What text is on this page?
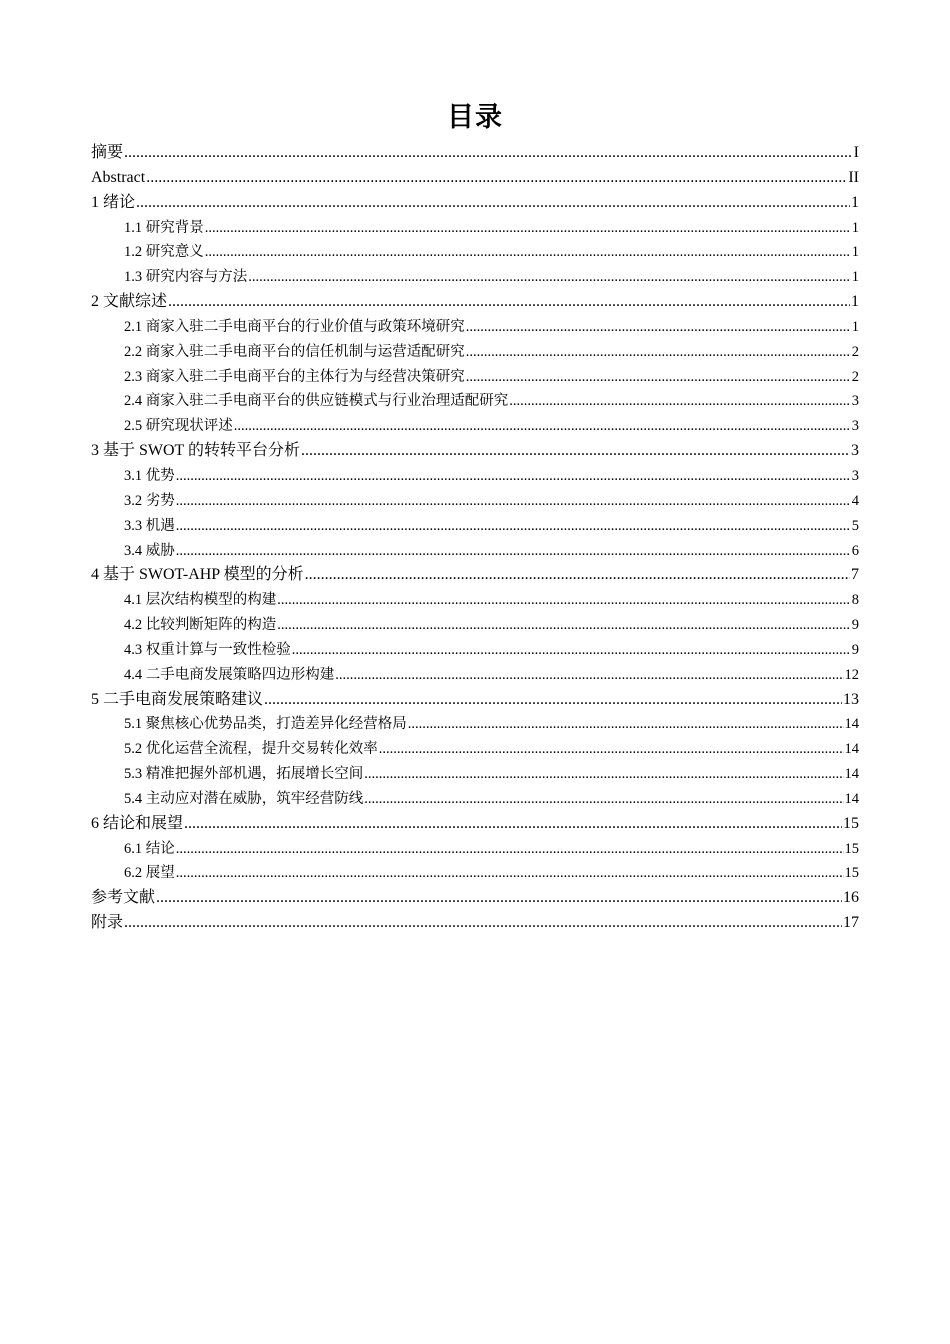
目录
摘要 .....	I
Abstract .....	II
1 绪论 .....	1
1.1 研究背景 .....	1
1.2 研究意义 .....	1
1.3 研究内容与方法 .....	1
2 文献综述 .....	1
2.1 商家入驻二手电商平台的行业价值与政策环境研究 .....	1
2.2 商家入驻二手电商平台的信任机制与运营适配研究 .....	2
2.3 商家入驻二手电商平台的主体行为与经营决策研究 .....	2
2.4 商家入驻二手电商平台的供应链模式与行业治理适配研究 .....	3
2.5 研究现状评述 .....	3
3 基于 SWOT 的转转平台分析 .....	3
3.1 优势 .....	3
3.2 劣势 .....	4
3.3 机遇 .....	5
3.4 威胁 .....	6
4 基于 SWOT-AHP 模型的分析 .....	7
4.1 层次结构模型的构建 .....	8
4.2 比较判断矩阵的构造 .....	9
4.3 权重计算与一致性检验 .....	9
4.4 二手电商发展策略四边形构建 .....	12
5 二手电商发展策略建议 .....	13
5.1 聚焦核心优势品类，打造差异化经营格局 .....	14
5.2 优化运营全流程，提升交易转化效率 .....	14
5.3 精准把握外部机遇，拓展增长空间 .....	14
5.4 主动应对潜在威胁，筑牢经营防线 .....	14
6 结论和展望 .....	15
6.1 结论 .....	15
6.2 展望 .....	15
参考文献 .....	16
附录 .....	17
